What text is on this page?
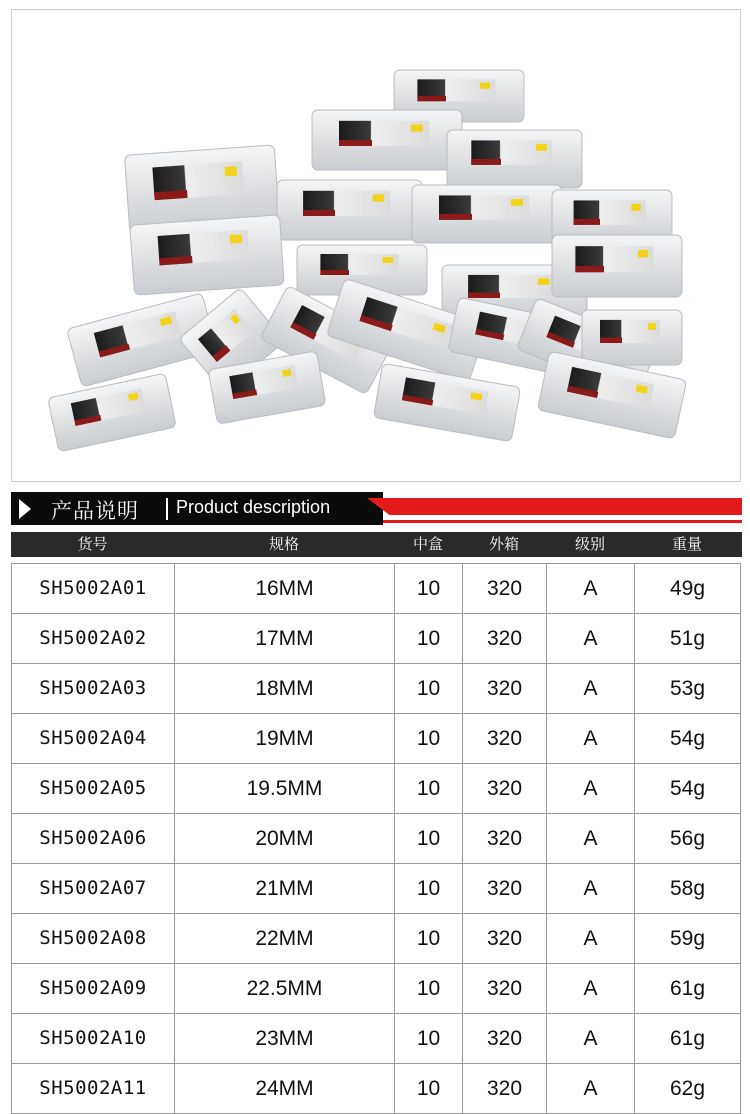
产品说明 Product description
货号	规格	中盒	外箱	级别	重量
SH5002A01	16MM	10	320	A	49g
SH5002A02	17MM	10	320	A	51g
SH5002A03	18MM	10	320	A	53g
SH5002A04	19MM	10	320	A	54g
SH5002A05	19.5MM	10	320	A	54g
SH5002A06	20MM	10	320	A	56g
SH5002A07	21MM	10	320	A	58g
SH5002A08	22MM	10	320	A	59g
SH5002A09	22.5MM	10	320	A	61g
SH5002A10	23MM	10	320	A	61g
SH5002A11	24MM	10	320	A	62g
